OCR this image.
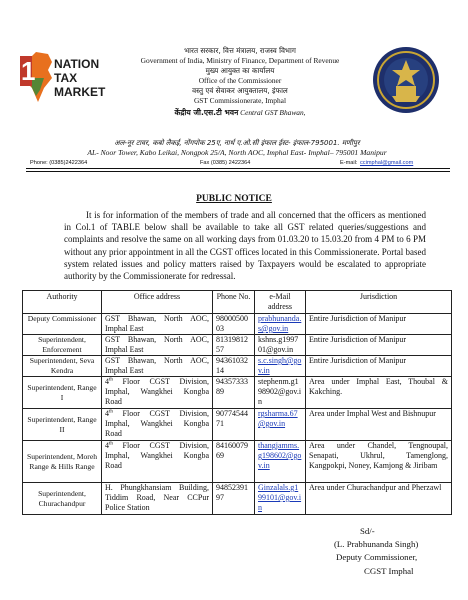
1 NATION
TAX
MARKET
भारत सरकार, वित्त मंत्रालय, राजस्व विभाग
Government of India, Ministry of Finance, Department of Revenue
मुख्य आयुक्त का कार्यालय
Office of the Commissioner
वस्तु एवं सेवाकर आयुक्तालय, इंफाल
GST Commissionerate, Imphal
केंद्रीय जी.एस.टी भवन Central GST Bhawan,
अल-नूर टावर, कबो लैकई, नोंगपोक 25ए, नार्थ ए.ओ.सी इंफाल ईस्ट- इंफाल-795001. मणीपुर
AL- Noor Tower, Kabo Leikai, Nongpok 25/A, North AOC, Imphal East- Imphal– 795001 Manipur
Phone: (0385)2422364	Fax (0385) 2422364	E-mail: ccimphal@gmail.com
PUBLIC NOTICE

It is for information of the members of trade and all concerned that the officers as mentioned in Col.1 of TABLE below shall be available to take all GST related queries/suggestions and complaints and resolve the same on all working days from 01.03.20 to 15.03.20 from 4 PM to 6 PM without any prior appointment in all the CGST offices located in this Commissionerate. Portal based system related issues and policy matters raised by Taxpayers would be escalated to appropriate authority by the Commissionerate for redressal.

Authority	Office address	Phone No.	e-Mail address	Jurisdiction
Deputy Commissioner	GST Bhawan, North AOC, Imphal East	9800050003	prabhunanda.s@gov.in	Entire Jurisdiction of Manipur
Superintendent, Enforcement	GST Bhawan, North AOC, Imphal East	8131981257	kshns.g199701@gov.in	Entire Jurisdiction of Manipur
Superintendent, Seva Kendra	GST Bhawan, North AOC, Imphal East	9436103214	s.c.singh@gov.in	Entire Jurisdiction of Manipur
Superintendent, Range I	4th Floor CGST Division, Imphal, Wangkhei Kongba Road	9435733389	stephenm.g198902@gov.in	Area under Imphal East, Thoubal & Kakching.
Superintendent, Range II	4th Floor CGST Division, Imphal, Wangkhei Kongba Road	9077454471	rgsharma.67@gov.in	Area under Imphal West and Bishnupur
Superintendent, Moreh Range & Hills Range	4th Floor CGST Division, Imphal, Wangkhei Kongba Road	8416007969	thangjamms.g198602@gov.in	Area under Chandel, Tengnoupal, Senapati, Ukhrul, Tamenglong, Kangpokpi, Noney, Kamjong & Jiribam
Superintendent, Churachandpur	H. Phungkhansiam Building, Tiddim Road, Near CCPur Police Station	9485239197	Ginzalals.g199101@gov.in	Area under Churachandpur and Pherzawl
Sd/-
(L. Prabhunanda Singh)
Deputy Commissioner,
CGST Imphal
